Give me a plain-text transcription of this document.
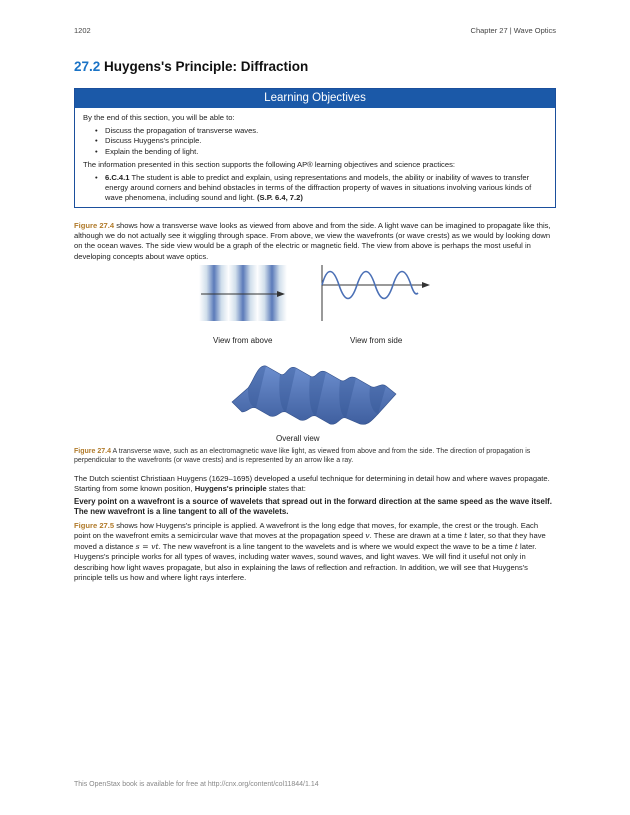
1202	Chapter 27 | Wave Optics
27.2 Huygens's Principle: Diffraction
Learning Objectives
By the end of this section, you will be able to:
• Discuss the propagation of transverse waves.
• Discuss Huygens's principle.
• Explain the bending of light.
The information presented in this section supports the following AP® learning objectives and science practices:
• 6.C.4.1 The student is able to predict and explain, using representations and models, the ability or inability of waves to transfer energy around corners and behind obstacles in terms of the diffraction property of waves in situations involving various kinds of wave phenomena, including sound and light. (S.P. 6.4, 7.2)
Figure 27.4 shows how a transverse wave looks as viewed from above and from the side. A light wave can be imagined to propagate like this, although we do not actually see it wiggling through space. From above, we view the wavefronts (or wave crests) as we would by looking down on the ocean waves. The side view would be a graph of the electric or magnetic field. The view from above is perhaps the most useful in developing concepts about wave optics.
View from above	View from side
Overall view
Figure 27.4 A transverse wave, such as an electromagnetic wave like light, as viewed from above and from the side. The direction of propagation is perpendicular to the wavefronts (or wave crests) and is represented by an arrow like a ray.
The Dutch scientist Christiaan Huygens (1629–1695) developed a useful technique for determining in detail how and where waves propagate. Starting from some known position, Huygens's principle states that:
Every point on a wavefront is a source of wavelets that spread out in the forward direction at the same speed as the wave itself. The new wavefront is a line tangent to all of the wavelets.
Figure 27.5 shows how Huygens's principle is applied. A wavefront is the long edge that moves, for example, the crest or the trough. Each point on the wavefront emits a semicircular wave that moves at the propagation speed v. These are drawn at a time t later, so that they have moved a distance s = vt. The new wavefront is a line tangent to the wavelets and is where we would expect the wave to be a time t later. Huygens's principle works for all types of waves, including water waves, sound waves, and light waves. We will find it useful not only in describing how light waves propagate, but also in explaining the laws of reflection and refraction. In addition, we will see that Huygens's principle tells us how and where light rays interfere.
This OpenStax book is available for free at http://cnx.org/content/col11844/1.14
